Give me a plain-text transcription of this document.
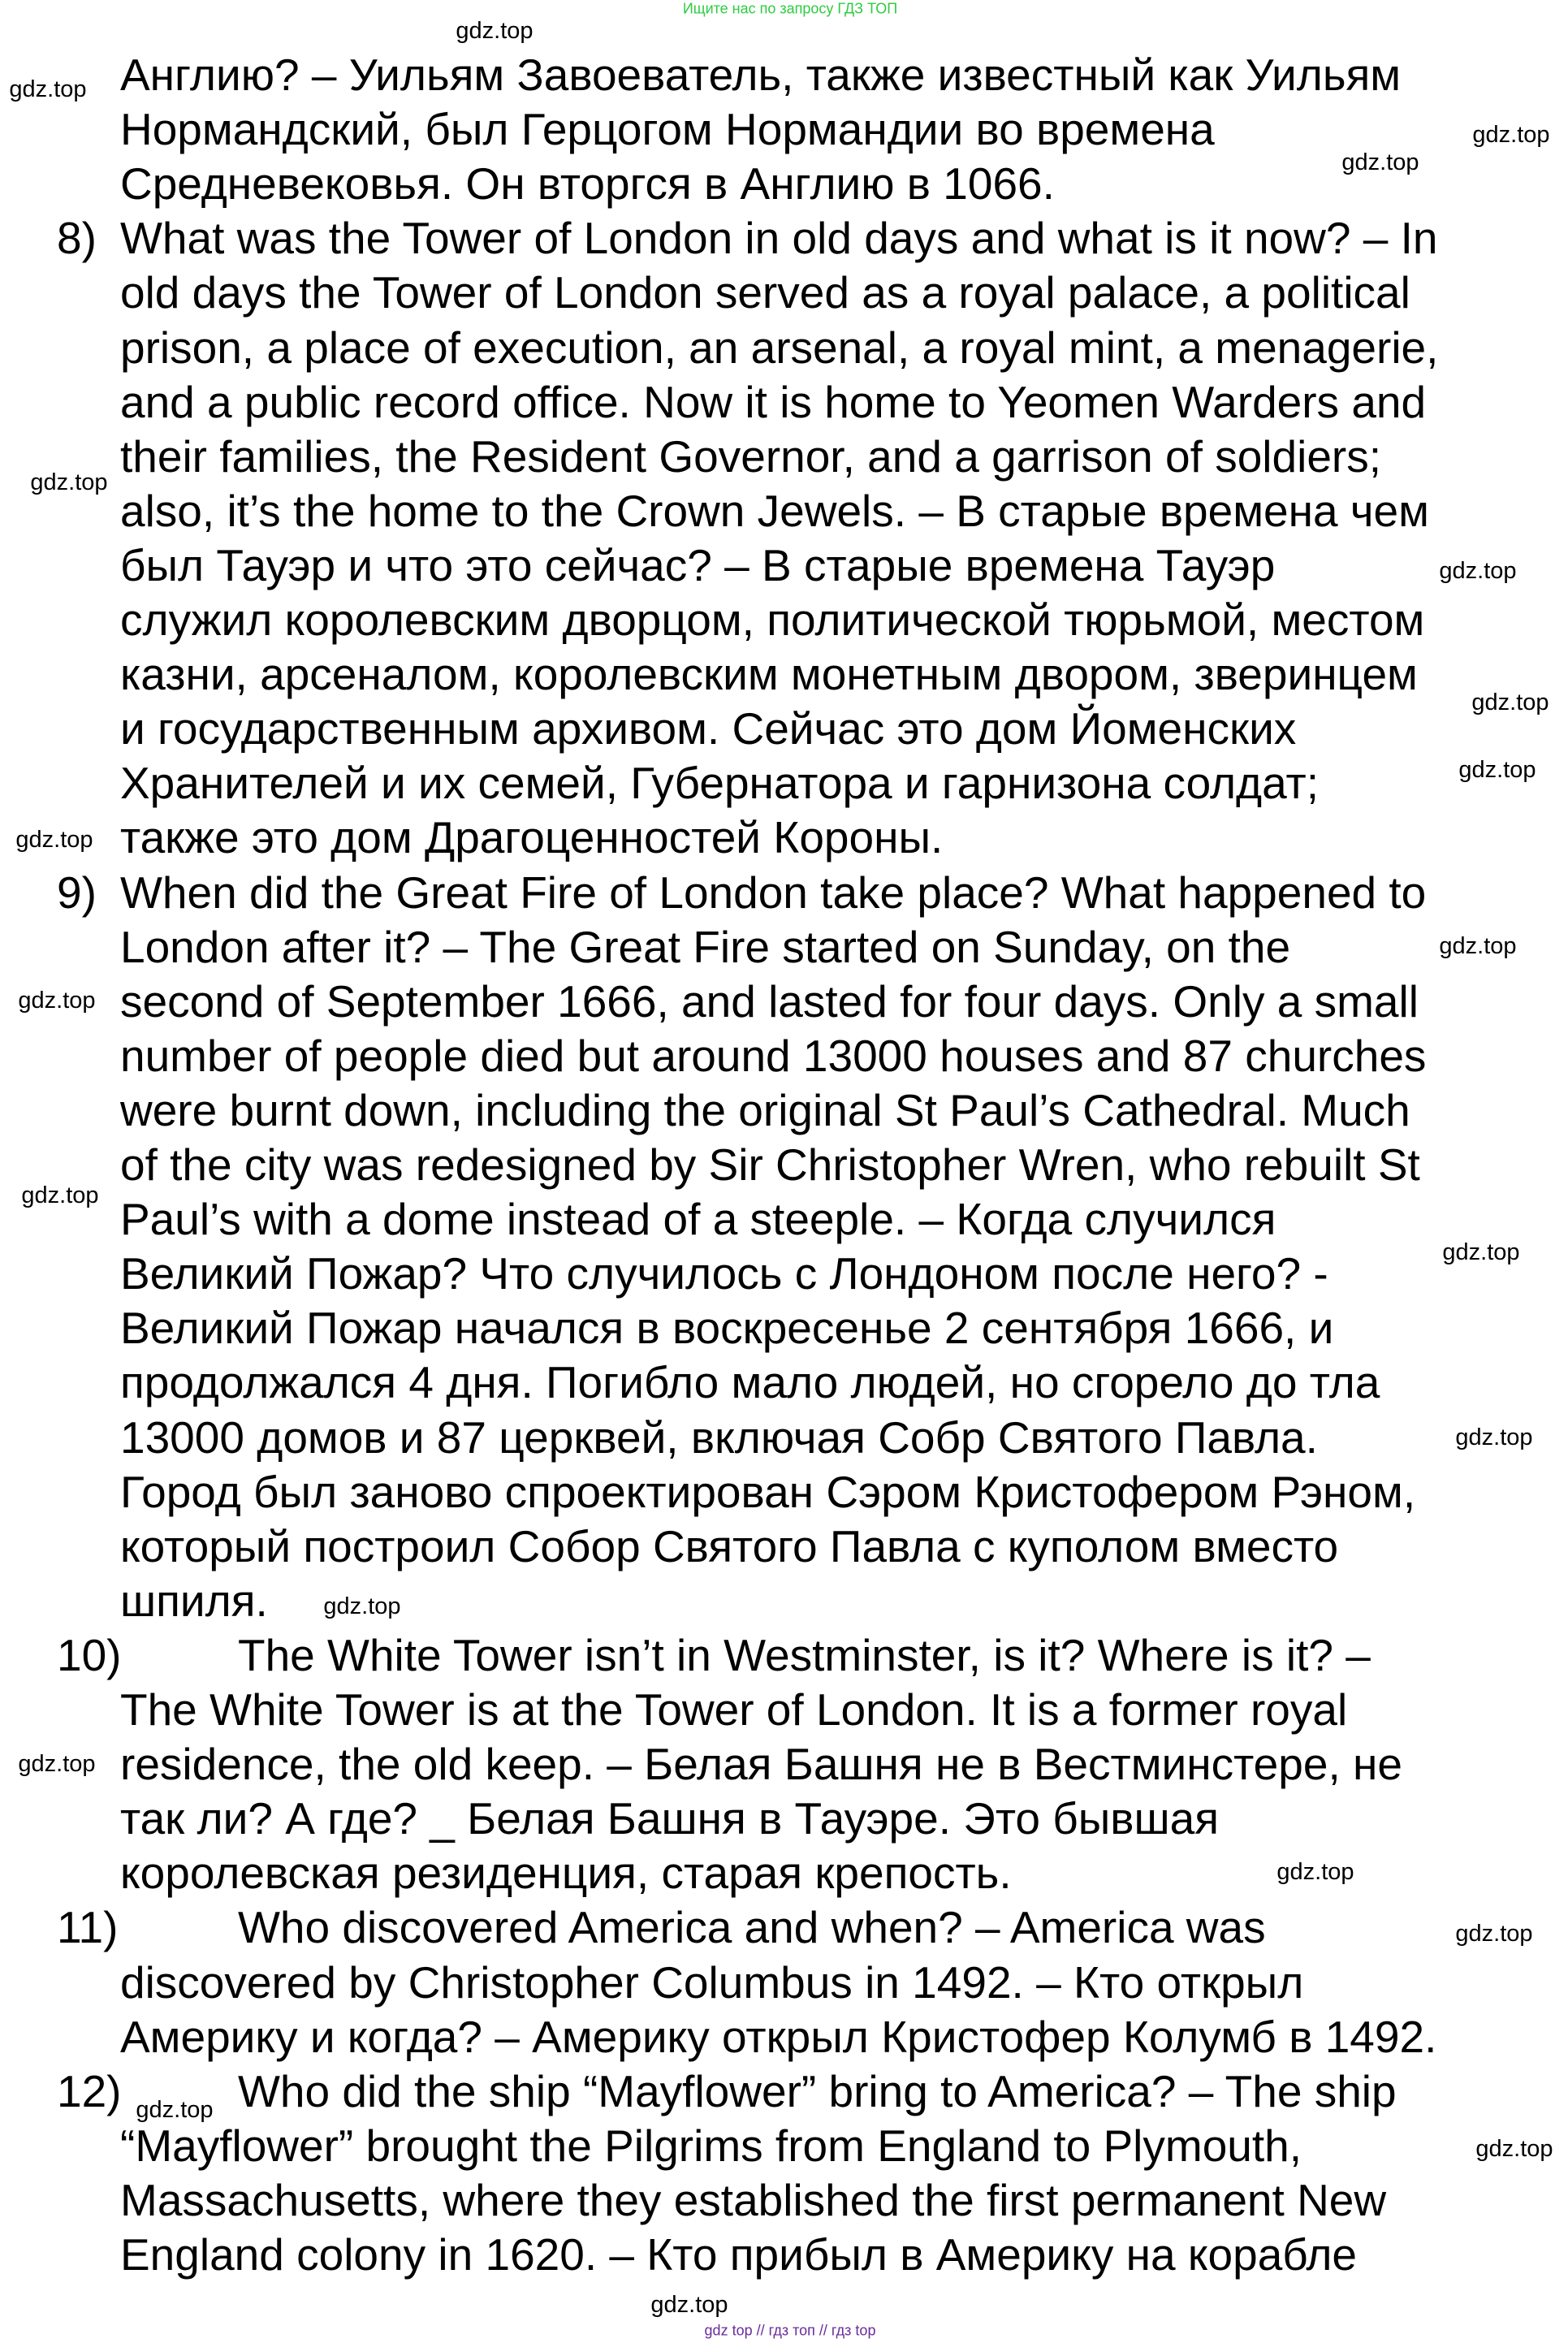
Ищите нас по запросу ГДЗ ТОП
Англию? – Уильям Завоеватель, также известный как Уильям
Нормандский, был Герцогом Нормандии во времена
Средневековья. Он вторгся в Англию в 1066.
8) What was the Tower of London in old days and what is it now? – In
old days the Tower of London served as a royal palace, a political
prison, a place of execution, an arsenal, a royal mint, a menagerie,
and a public record office. Now it is home to Yeomen Warders and
their families, the Resident Governor, and a garrison of soldiers;
also, it’s the home to the Crown Jewels. – В старые времена чем
был Тауэр и что это сейчас? – В старые времена Тауэр
служил королевским дворцом, политической тюрьмой, местом
казни, арсеналом, королевским монетным двором, зверинцем
и государственным архивом. Сейчас это дом Йоменских
Хранителей и их семей, Губернатора и гарнизона солдат;
также это дом Драгоценностей Короны.
9) When did the Great Fire of London take place? What happened to
London after it? – The Great Fire started on Sunday, on the
second of September 1666, and lasted for four days. Only a small
number of people died but around 13000 houses and 87 churches
were burnt down, including the original St Paul’s Cathedral. Much
of the city was redesigned by Sir Christopher Wren, who rebuilt St
Paul’s with a dome instead of a steeple. – Когда случился
Великий Пожар? Что случилось с Лондоном после него? -
Великий Пожар начался в воскресенье 2 сентября 1666, и
продолжался 4 дня. Погибло мало людей, но сгорело до тла
13000 домов и 87 церквей, включая Собр Святого Павла.
Город был заново спроектирован Сэром Кристофером Рэном,
который построил Собор Святого Павла с куполом вместо
шпиля.
10)	The White Tower isn’t in Westminster, is it? Where is it? –
The White Tower is at the Tower of London. It is a former royal
residence, the old keep. – Белая Башня не в Вестминстере, не
так ли? А где? _ Белая Башня в Тауэре. Это бывшая
королевская резиденция, старая крепость.
11)	Who discovered America and when? – America was
discovered by Christopher Columbus in 1492. – Кто открыл
Америку и когда? – Америку открыл Кристофер Колумб в 1492.
12)	Who did the ship “Mayflower” bring to America? – The ship
“Mayflower” brought the Pilgrims from England to Plymouth,
Massachusetts, where they established the first permanent New
England colony in 1620. – Кто прибыл в Америку на корабле
gdz.top
gdz.top
gdz.top
gdz.top
gdz.top
gdz.top
gdz.top
gdz.top
gdz.top
gdz.top
gdz.top
gdz.top
gdz.top
gdz.top
gdz.top
gdz.top
gdz.top
gdz.top
gdz.top
gdz.top
gdz.top
gdz top // гдз топ // гдз top
